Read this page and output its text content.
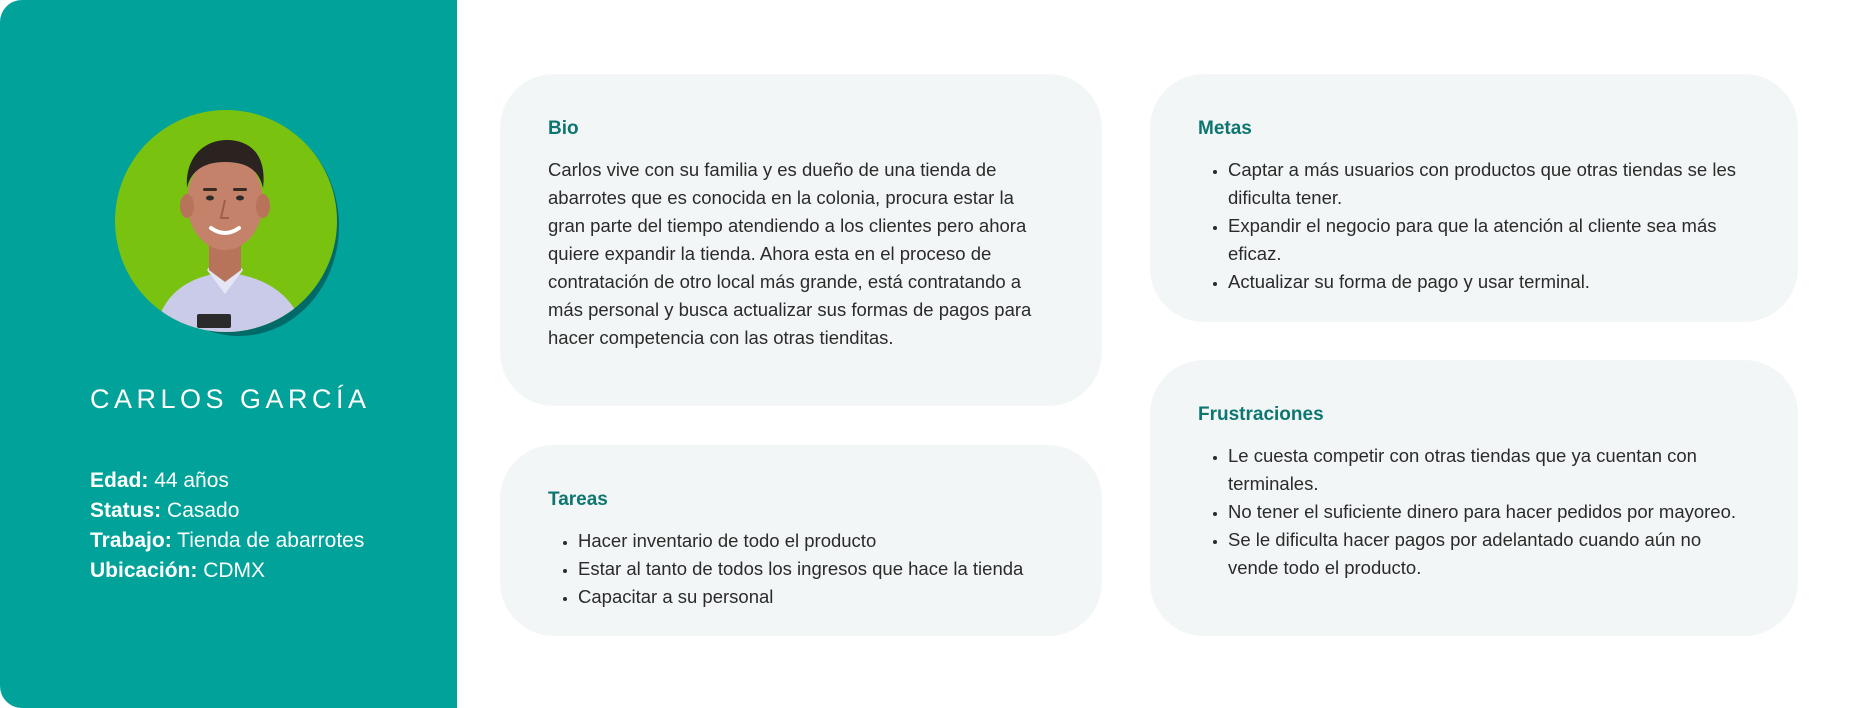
CARLOS GARCÍA
Edad: 44 años
Status: Casado
Trabajo: Tienda de abarrotes
Ubicación: CDMX
Bio

Carlos vive con su familia y es dueño de una tienda de abarrotes que es conocida en la colonia, procura estar la gran parte del tiempo atendiendo a los clientes pero ahora quiere expandir la tienda. Ahora esta en el proceso de contratación de otro local más grande, está contratando a más personal y busca actualizar sus formas de pagos para hacer competencia con las otras tienditas.

Tareas
• Hacer inventario de todo el producto
• Estar al tanto de todos los ingresos que hace la tienda
• Capacitar a su personal
Metas
• Captar a más usuarios con productos que otras tiendas se les dificulta tener.
• Expandir el negocio para que la atención al cliente sea más eficaz.
• Actualizar su forma de pago y usar terminal.
Frustraciones
• Le cuesta competir con otras tiendas que ya cuentan con terminales.
• No tener el suficiente dinero para hacer pedidos por mayoreo.
• Se le dificulta hacer pagos por adelantado cuando aún no vende todo el producto.
